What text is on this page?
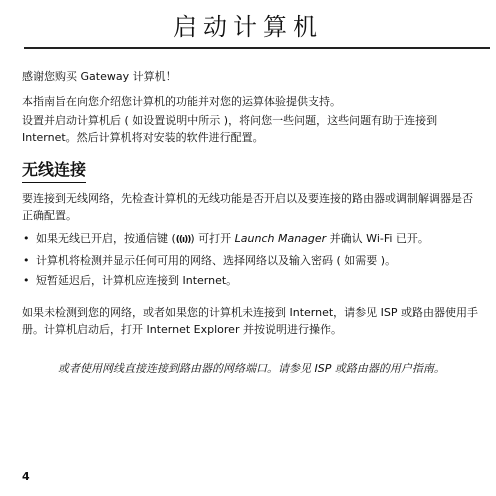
启动计算机

感谢您购买 Gateway 计算机！

本指南旨在向您介绍您计算机的功能并对您的运算体验提供支持。

设置并启动计算机后 ( 如设置说明中所示 )，将问您一些问题，这些问题有助于连接到 Internet。然后计算机将对安装的软件进行配置。

无线连接

要连接到无线网络，先检查计算机的无线功能是否开启以及要连接的路由器或调制解调器是否正确配置。

• 如果无线已开启，按通信键 (((ı))) 可打开 Launch Manager 并确认 Wi-Fi 已开。
• 计算机将检测并显示任何可用的网络、选择网络以及输入密码 ( 如需要 )。
• 短暂延迟后，计算机应连接到 Internet。

如果未检测到您的网络，或者如果您的计算机未连接到 Internet，请参见 ISP 或路由器使用手册。计算机启动后，打开 Internet Explorer 并按说明进行操作。

或者使用网线直接连接到路由器的网络端口。请参见 ISP 或路由器的用户指南。

4
